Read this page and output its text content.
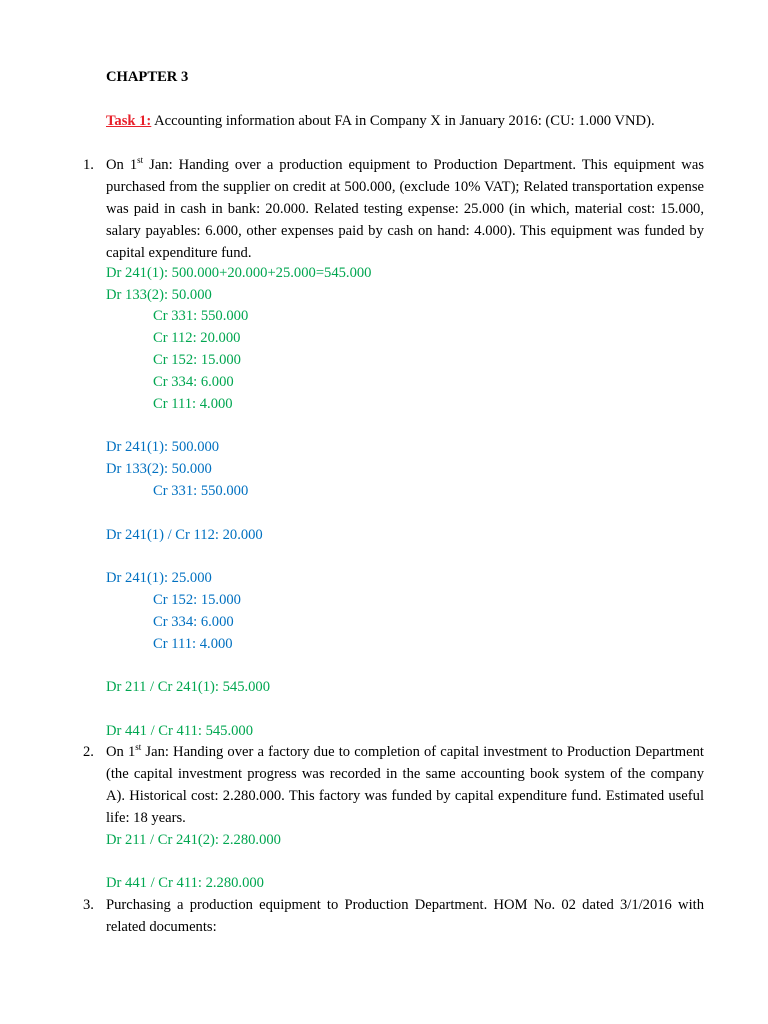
CHAPTER 3
Task 1: Accounting information about FA in Company X in January 2016: (CU: 1.000 VND).
1. On 1st Jan: Handing over a production equipment to Production Department. This equipment was purchased from the supplier on credit at 500.000, (exclude 10% VAT); Related transportation expense was paid in cash in bank: 20.000. Related testing expense: 25.000 (in which, material cost: 15.000, salary payables: 6.000, other expenses paid by cash on hand: 4.000). This equipment was funded by capital expenditure fund.
Dr 241(1): 500.000+20.000+25.000=545.000
Dr 133(2): 50.000
Cr 331: 550.000
Cr 112: 20.000
Cr 152: 15.000
Cr 334: 6.000
Cr 111: 4.000
Dr 241(1): 500.000
Dr 133(2): 50.000
Cr 331: 550.000
Dr 241(1) / Cr 112: 20.000
Dr 241(1): 25.000
Cr 152: 15.000
Cr 334: 6.000
Cr 111: 4.000
Dr 211 / Cr 241(1): 545.000
Dr 441 / Cr 411: 545.000
2. On 1st Jan: Handing over a factory due to completion of capital investment to Production Department (the capital investment progress was recorded in the same accounting book system of the company A). Historical cost: 2.280.000. This factory was funded by capital expenditure fund. Estimated useful life: 18 years.
Dr 211 / Cr 241(2): 2.280.000
Dr 441 / Cr 411: 2.280.000
3. Purchasing a production equipment to Production Department. HOM No. 02 dated 3/1/2016 with related documents:
